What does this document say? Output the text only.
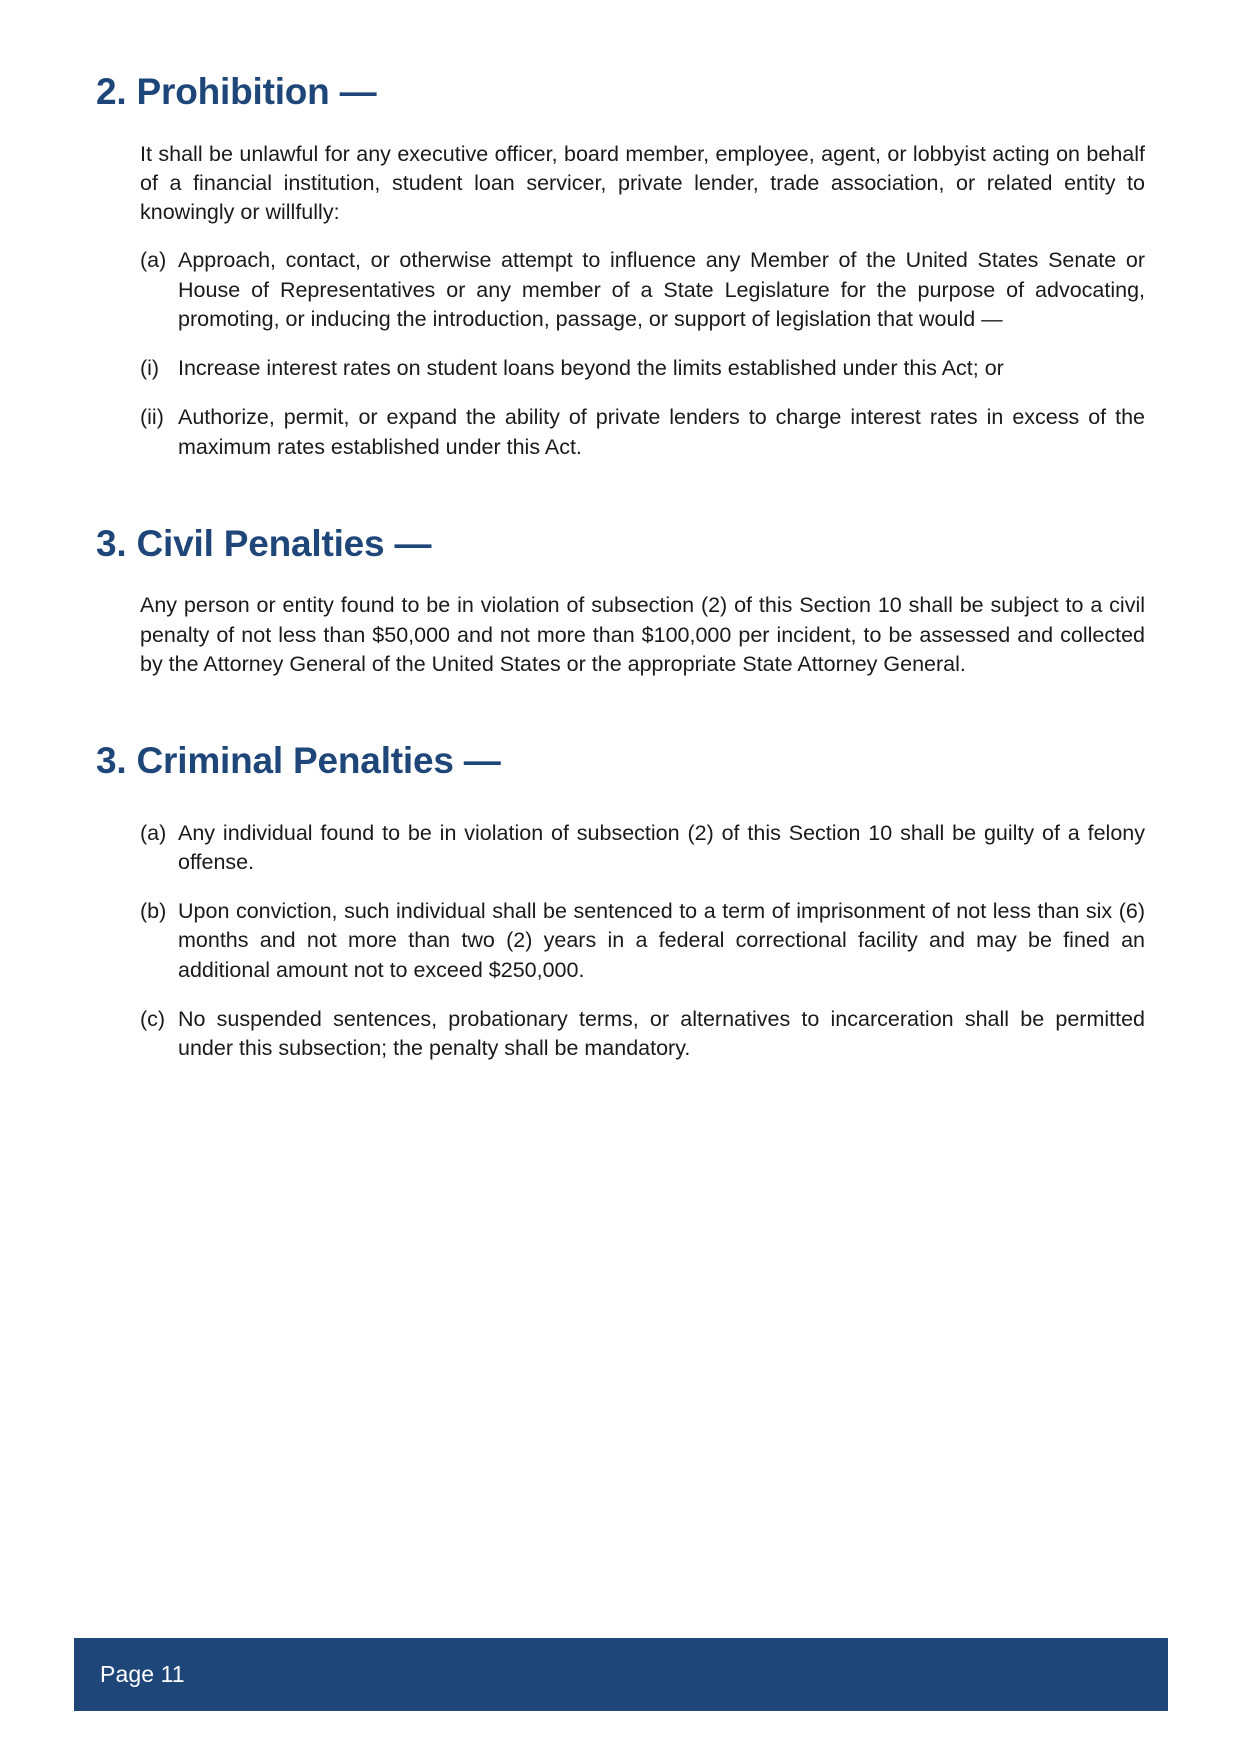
2. Prohibition —

It shall be unlawful for any executive officer, board member, employee, agent, or lobbyist acting on behalf of a financial institution, student loan servicer, private lender, trade association, or related entity to knowingly or willfully:

(a) Approach, contact, or otherwise attempt to influence any Member of the United States Senate or House of Representatives or any member of a State Legislature for the purpose of advocating, promoting, or inducing the introduction, passage, or support of legislation that would —
(i) Increase interest rates on student loans beyond the limits established under this Act; or
(ii) Authorize, permit, or expand the ability of private lenders to charge interest rates in excess of the maximum rates established under this Act.
3. Civil Penalties —

Any person or entity found to be in violation of subsection (2) of this Section 10 shall be subject to a civil penalty of not less than $50,000 and not more than $100,000 per incident, to be assessed and collected by the Attorney General of the United States or the appropriate State Attorney General.

3. Criminal Penalties —
(a) Any individual found to be in violation of subsection (2) of this Section 10 shall be guilty of a felony offense.
(b) Upon conviction, such individual shall be sentenced to a term of imprisonment of not less than six (6) months and not more than two (2) years in a federal correctional facility and may be fined an additional amount not to exceed $250,000.
(c) No suspended sentences, probationary terms, or alternatives to incarceration shall be permitted under this subsection; the penalty shall be mandatory.
Page 11
